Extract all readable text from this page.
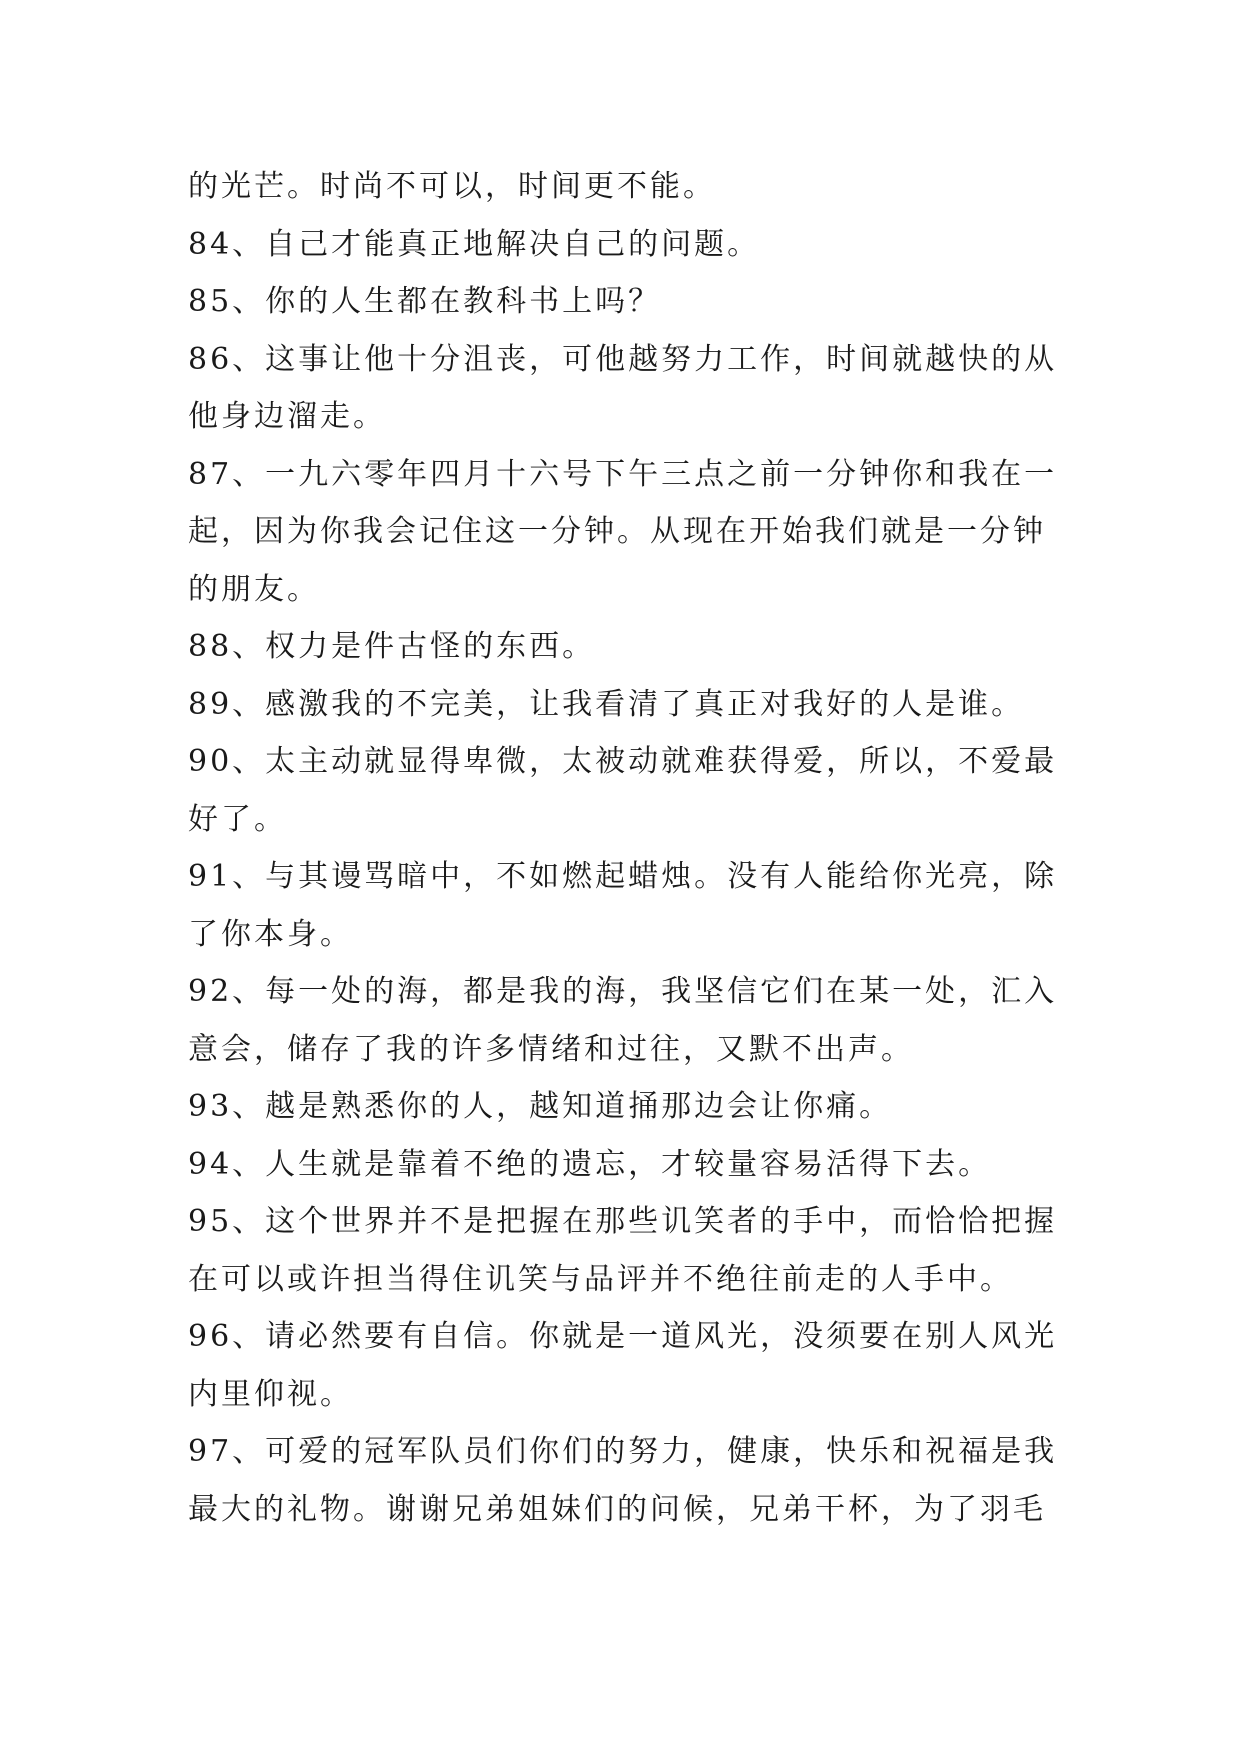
的光芒。时尚不可以，时间更不能。
84、自己才能真正地解决自己的问题。
85、你的人生都在教科书上吗？
86、这事让他十分沮丧，可他越努力工作，时间就越快的从
他身边溜走。
87、一九六零年四月十六号下午三点之前一分钟你和我在一
起，因为你我会记住这一分钟。从现在开始我们就是一分钟
的朋友。
88、权力是件古怪的东西。
89、感激我的不完美，让我看清了真正对我好的人是谁。
90、太主动就显得卑微，太被动就难获得爱，所以，不爱最
好了。
91、与其谩骂暗中，不如燃起蜡烛。没有人能给你光亮，除
了你本身。
92、每一处的海，都是我的海，我坚信它们在某一处，汇入
意会，储存了我的许多情绪和过往，又默不出声。
93、越是熟悉你的人，越知道捅那边会让你痛。
94、人生就是靠着不绝的遗忘，才较量容易活得下去。
95、这个世界并不是把握在那些讥笑者的手中，而恰恰把握
在可以或许担当得住讥笑与品评并不绝往前走的人手中。
96、请必然要有自信。你就是一道风光，没须要在别人风光
内里仰视。
97、可爱的冠军队员们你们的努力，健康，快乐和祝福是我
最大的礼物。谢谢兄弟姐妹们的问候，兄弟干杯，为了羽毛
